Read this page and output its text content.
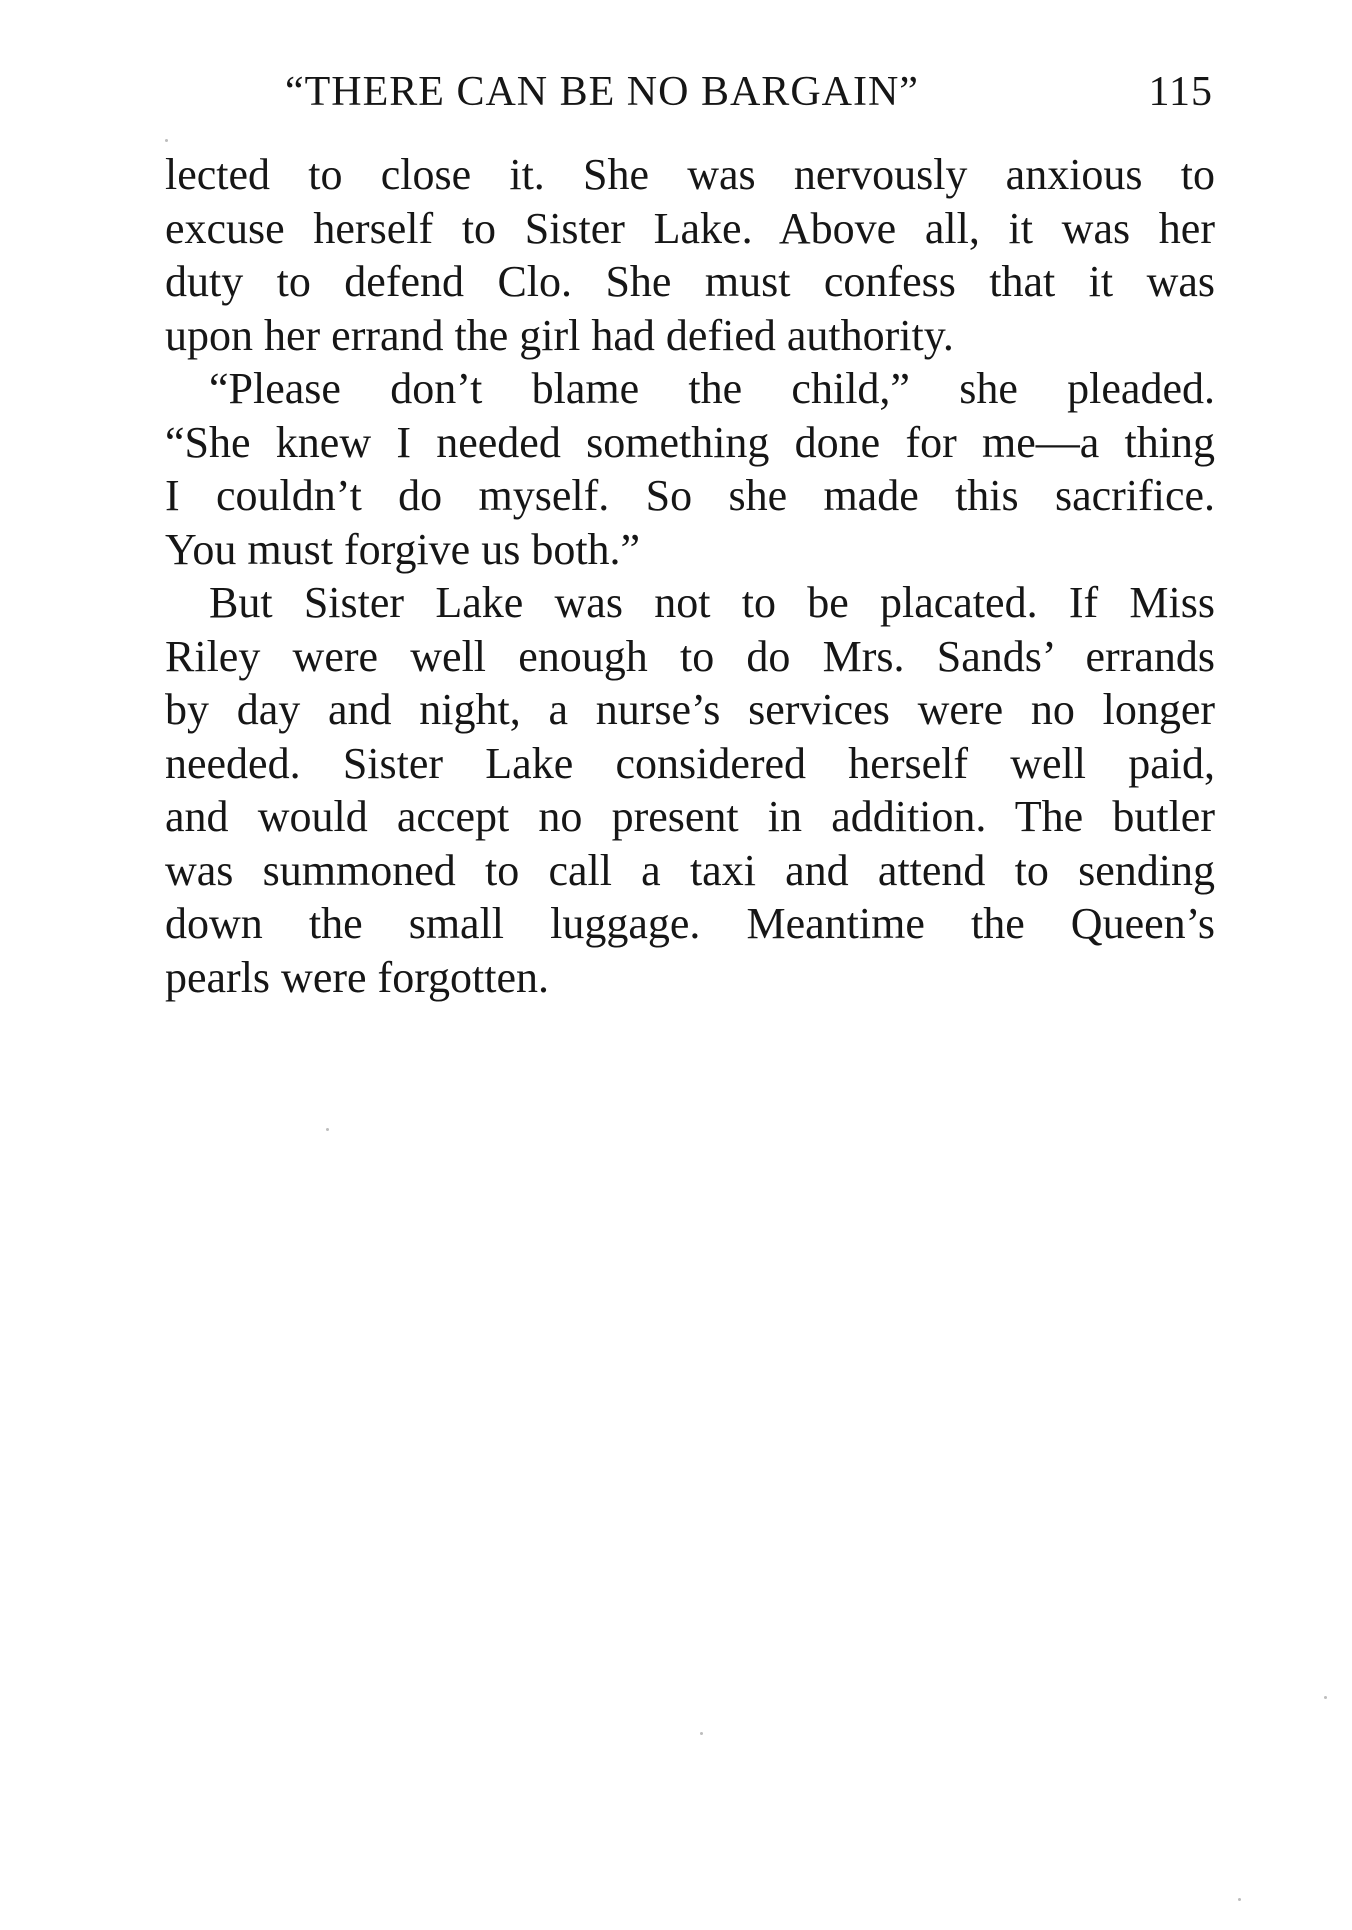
“THERE CAN BE NO BARGAIN”	115
lected to close it. She was nervously anxious to
excuse herself to Sister Lake. Above all, it was her
duty to defend Clo. She must confess that it was
upon her errand the girl had defied authority.
“Please don’t blame the child,” she pleaded.
“She knew I needed something done for me—a thing
I couldn’t do myself. So she made this sacrifice.
You must forgive us both.”
But Sister Lake was not to be placated. If Miss
Riley were well enough to do Mrs. Sands’ errands
by day and night, a nurse’s services were no longer
needed. Sister Lake considered herself well paid,
and would accept no present in addition. The butler
was summoned to call a taxi and attend to sending
down the small luggage. Meantime the Queen’s
pearls were forgotten.
